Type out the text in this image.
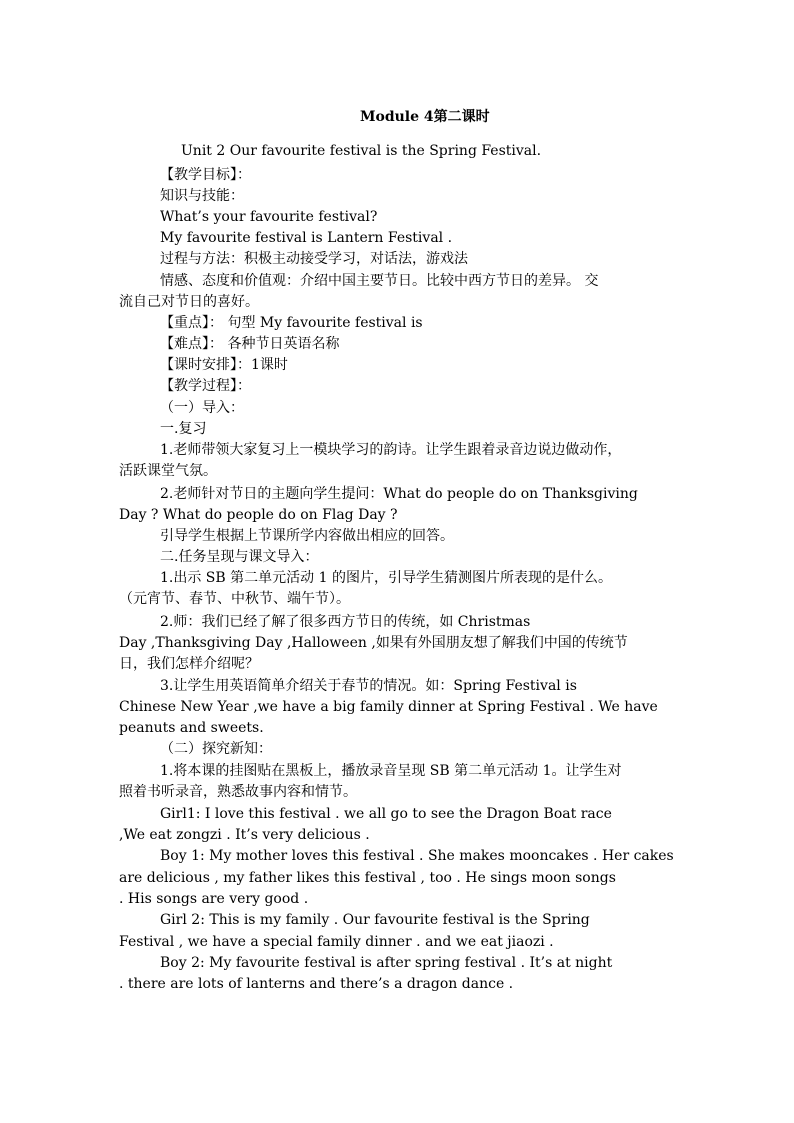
Module 4第二课时
Unit 2 Our favourite festival is the Spring Festival.
【教学目标】：
知识与技能：
What’s your favourite festival?
My favourite festival is Lantern Festival .
过程与方法：积极主动接受学习，对话法，游戏法
情感、态度和价值观：介绍中国主要节日。比较中西方节日的差异。 交
流自己对节日的喜好。
【重点】： 句型 My favourite festival is
【难点】： 各种节日英语名称
【课时安排】：1课时
【教学过程】：
（一）导入：
一.复习
1.老师带领大家复习上一模块学习的韵诗。让学生跟着录音边说边做动作，
活跃课堂气氛。
2.老师针对节日的主题向学生提问：What do people do on Thanksgiving
Day ? What do people do on Flag Day ?
引导学生根据上节课所学内容做出相应的回答。
二.任务呈现与课文导入：
1.出示 SB 第二单元活动 1 的图片，引导学生猜测图片所表现的是什么。
（元宵节、春节、中秋节、端午节）。
2.师：我们已经了解了很多西方节日的传统，如 Christmas
Day ,Thanksgiving Day ,Halloween ,如果有外国朋友想了解我们中国的传统节
日，我们怎样介绍呢？
3.让学生用英语简单介绍关于春节的情况。如：Spring Festival is
Chinese New Year ,we have a big family dinner at Spring Festival . We have
peanuts and sweets.
（二）探究新知：
1.将本课的挂图贴在黑板上，播放录音呈现 SB 第二单元活动 1。让学生对
照着书听录音，熟悉故事内容和情节。
Girl1: I love this festival . we all go to see the Dragon Boat race
,We eat zongzi . It’s very delicious .
Boy 1: My mother loves this festival . She makes mooncakes . Her cakes
are delicious , my father likes this festival , too . He sings moon songs
. His songs are very good .
Girl 2: This is my family . Our favourite festival is the Spring
Festival , we have a special family dinner . and we eat jiaozi .
Boy 2: My favourite festival is after spring festival . It’s at night
. there are lots of lanterns and there’s a dragon dance .
